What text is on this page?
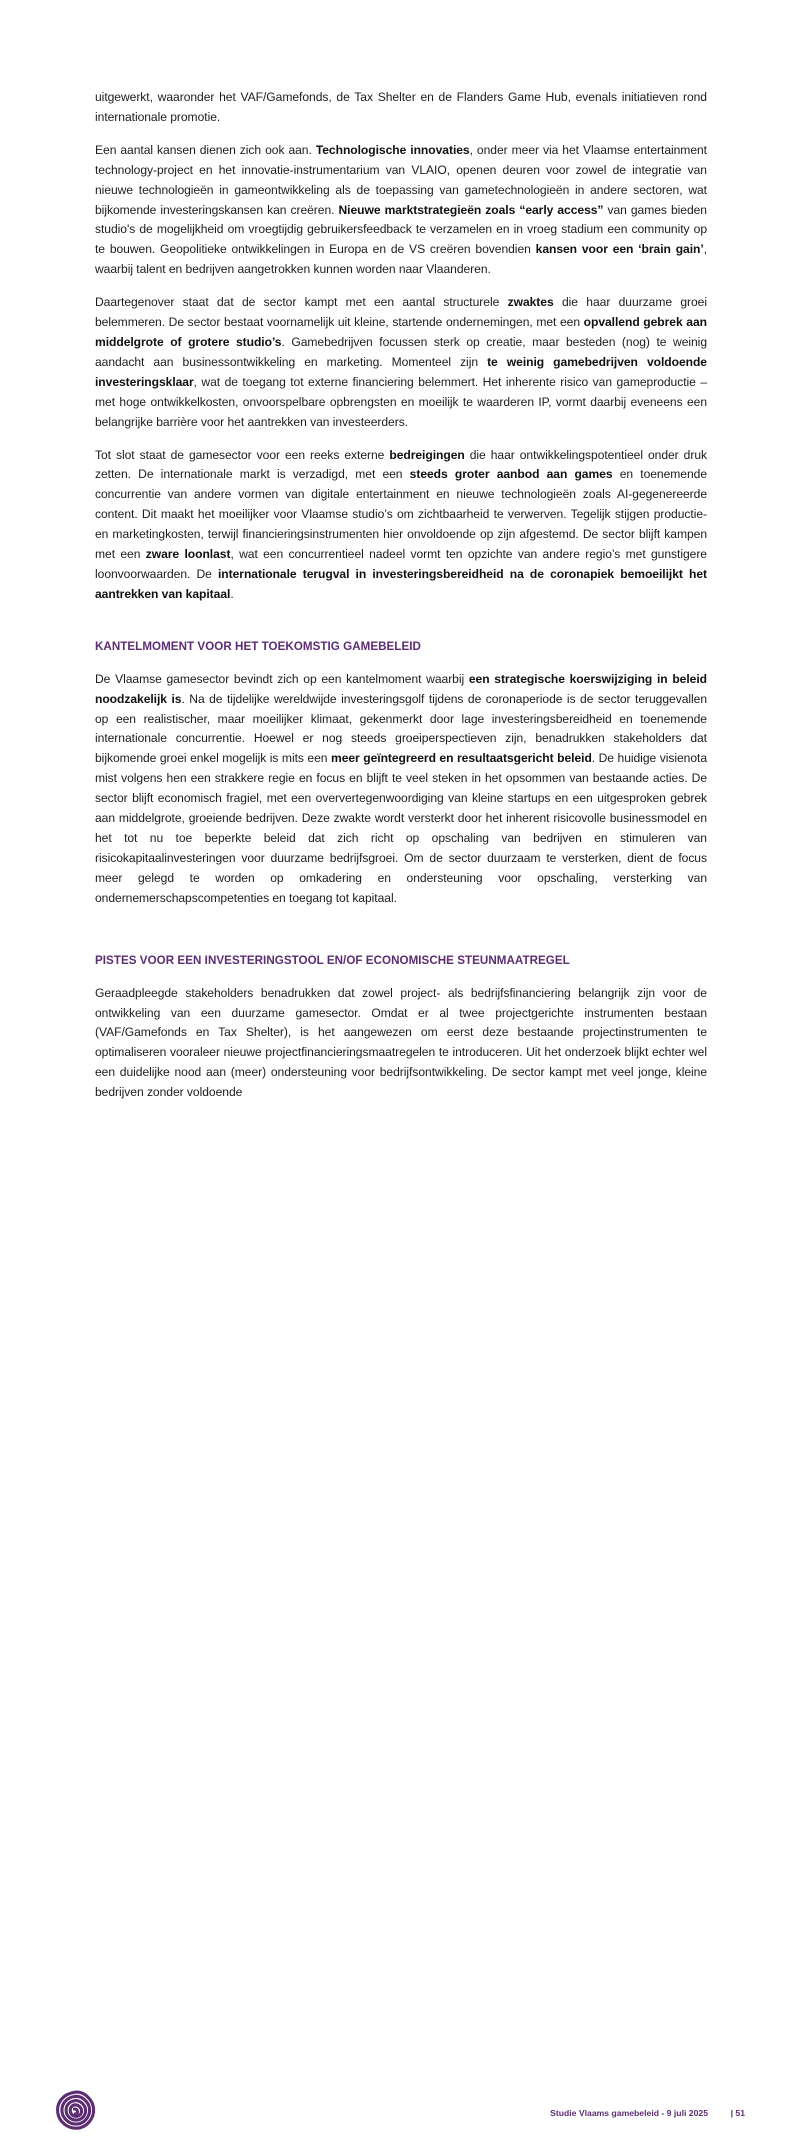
uitgewerkt, waaronder het VAF/Gamefonds, de Tax Shelter en de Flanders Game Hub, evenals initiatieven rond internationale promotie.

Een aantal kansen dienen zich ook aan. Technologische innovaties, onder meer via het Vlaamse entertainment technology-project en het innovatie-instrumentarium van VLAIO, openen deuren voor zowel de integratie van nieuwe technologieën in gameontwikkeling als de toepassing van gametechnologieën in andere sectoren, wat bijkomende investeringskansen kan creëren. Nieuwe marktstrategieën zoals “early access” van games bieden studio's de mogelijkheid om vroegtijdig gebruikersfeedback te verzamelen en in vroeg stadium een community op te bouwen. Geopolitieke ontwikkelingen in Europa en de VS creëren bovendien kansen voor een ‘brain gain’, waarbij talent en bedrijven aangetrokken kunnen worden naar Vlaanderen.

Daartegenover staat dat de sector kampt met een aantal structurele zwaktes die haar duurzame groei belemmeren. De sector bestaat voornamelijk uit kleine, startende ondernemingen, met een opvallend gebrek aan middelgrote of grotere studio’s. Gamebedrijven focussen sterk op creatie, maar besteden (nog) te weinig aandacht aan businessontwikkeling en marketing. Momenteel zijn te weinig gamebedrijven voldoende investeringsklaar, wat de toegang tot externe financiering belemmert. Het inherente risico van gameproductie – met hoge ontwikkelkosten, onvoorspelbare opbrengsten en moeilijk te waarderen IP, vormt daarbij eveneens een belangrijke barrière voor het aantrekken van investeerders.

Tot slot staat de gamesector voor een reeks externe bedreigingen die haar ontwikkelingspotentieel onder druk zetten. De internationale markt is verzadigd, met een steeds groter aanbod aan games en toenemende concurrentie van andere vormen van digitale entertainment en nieuwe technologieën zoals AI-gegenereerde content. Dit maakt het moeilijker voor Vlaamse studio’s om zichtbaarheid te verwerven. Tegelijk stijgen productie- en marketingkosten, terwijl financieringsinstrumenten hier onvoldoende op zijn afgestemd. De sector blijft kampen met een zware loonlast, wat een concurrentieel nadeel vormt ten opzichte van andere regio’s met gunstigere loonvoorwaarden. De internationale terugval in investeringsbereidheid na de coronapiek bemoeilijkt het aantrekken van kapitaal.

KANTELMOMENT VOOR HET TOEKOMSTIG GAMEBELEID

De Vlaamse gamesector bevindt zich op een kantelmoment waarbij een strategische koerswijziging in beleid noodzakelijk is. Na de tijdelijke wereldwijde investeringsgolf tijdens de coronaperiode is de sector teruggevallen op een realistischer, maar moeilijker klimaat, gekenmerkt door lage investeringsbereidheid en toenemende internationale concurrentie. Hoewel er nog steeds groeiperspectieven zijn, benadrukken stakeholders dat bijkomende groei enkel mogelijk is mits een meer geïntegreerd en resultaatsgericht beleid. De huidige visienota mist volgens hen een strakkere regie en focus en blijft te veel steken in het opsommen van bestaande acties. De sector blijft economisch fragiel, met een oververtegenwoordiging van kleine startups en een uitgesproken gebrek aan middelgrote, groeiende bedrijven. Deze zwakte wordt versterkt door het inherent risicovolle businessmodel en het tot nu toe beperkte beleid dat zich richt op opschaling van bedrijven en stimuleren van risicokapitaalinvesteringen voor duurzame bedrijfsgroei. Om de sector duurzaam te versterken, dient de focus meer gelegd te worden op omkadering en ondersteuning voor opschaling, versterking van ondernemerschapscompetenties en toegang tot kapitaal.

PISTES VOOR EEN INVESTERINGSTOOL EN/OF ECONOMISCHE STEUNMAATREGEL

Geraadpleegde stakeholders benadrukken dat zowel project- als bedrijfsfinanciering belangrijk zijn voor de ontwikkeling van een duurzame gamesector. Omdat er al twee projectgerichte instrumenten bestaan (VAF/Gamefonds en Tax Shelter), is het aangewezen om eerst deze bestaande projectinstrumenten te optimaliseren vooraleer nieuwe projectfinancieringsmaatregelen te introduceren. Uit het onderzoek blijkt echter wel een duidelijke nood aan (meer) ondersteuning voor bedrijfsontwikkeling. De sector kampt met veel jonge, kleine bedrijven zonder voldoende

Studie Vlaams gamebeleid - 9 juli 2025	| 51
